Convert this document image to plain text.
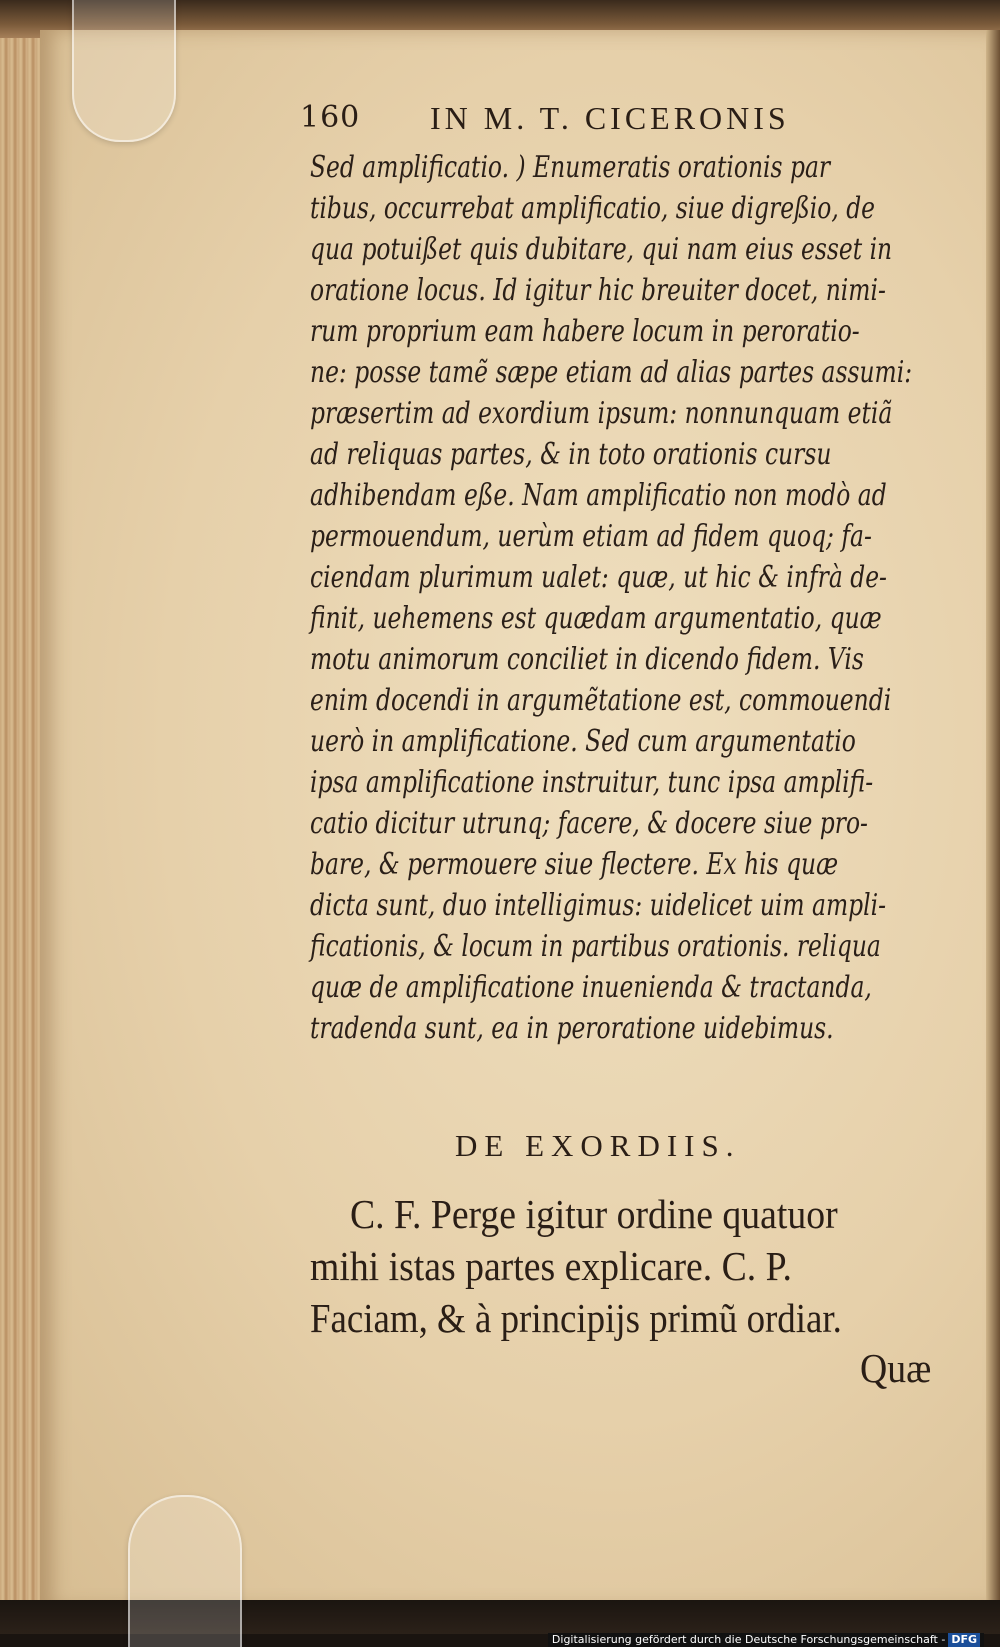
160 IN M. T. CICERONIS
Sed amplificatio. ) Enumeratis orationis par
tibus, occurrebat amplificatio, siue digreßio, de
qua potuißet quis dubitare, qui nam eius esset in
oratione locus. Id igitur hic breuiter docet, nimi-
rum proprium eam habere locum in peroratio-
ne: posse tamẽ sæpe etiam ad alias partes assumi:
præsertim ad exordium ipsum: nonnunquam etiã
ad reliquas partes, & in toto orationis cursu
adhibendam eße. Nam amplificatio non modò ad
permouendum, uerùm etiam ad fidem quoq; fa-
ciendam plurimum ualet: quæ, ut hic & infrà de-
finit, uehemens est quædam argumentatio, quæ
motu animorum conciliet in dicendo fidem. Vis
enim docendi in argumẽtatione est, commouendi
uerò in amplificatione. Sed cum argumentatio
ipsa amplificatione instruitur, tunc ipsa amplifi-
catio dicitur utrunq; facere, & docere siue pro-
bare, & permouere siue flectere. Ex his quæ
dicta sunt, duo intelligimus: uidelicet uim ampli-
ficationis, & locum in partibus orationis. reliqua
quæ de amplificatione inuenienda & tractanda,
tradenda sunt, ea in peroratione uidebimus.
DE EXORDIIS.
C. F. Perge igitur ordine quatuor
mihi istas partes explicare. C. P.
Faciam, & à principijs primũ ordiar.
Quæ
Digitalisierung gefördert durch die Deutsche Forschungsgemeinschaft - DFG
